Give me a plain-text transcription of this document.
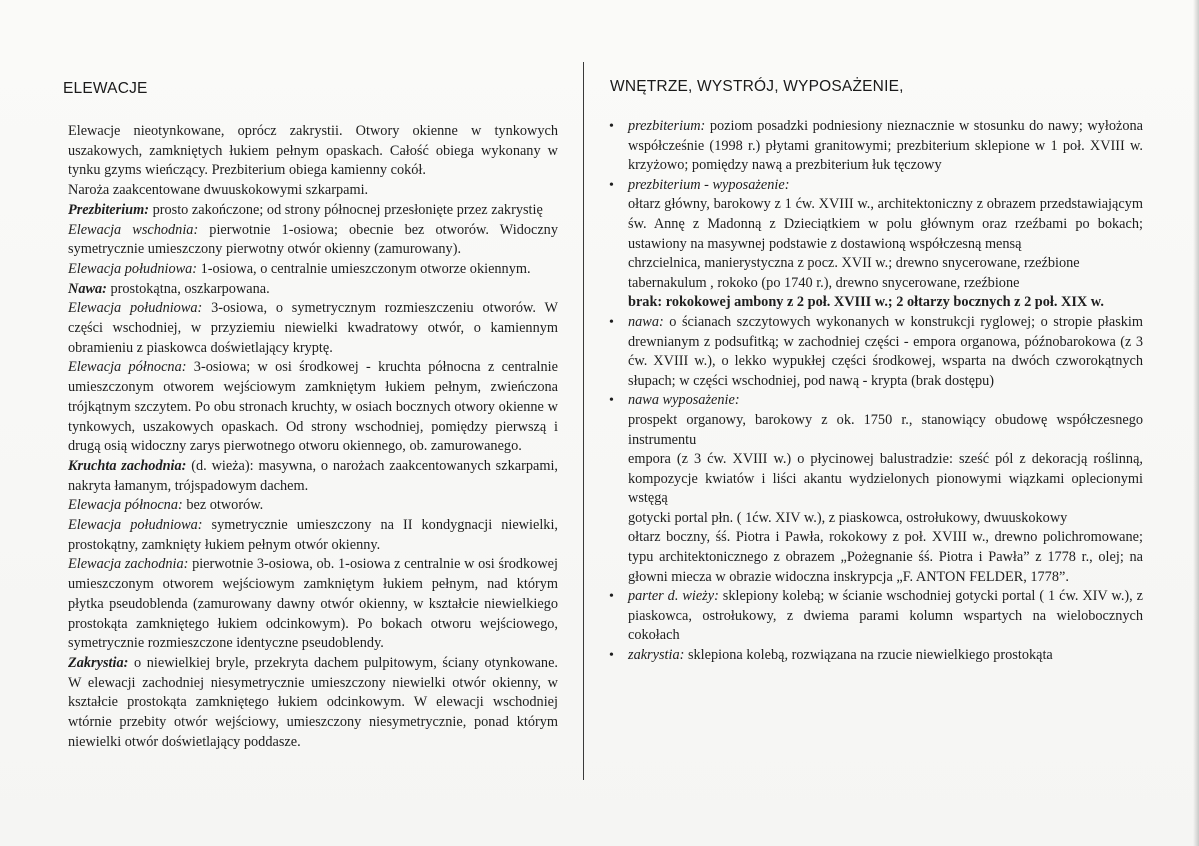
ELEWACJE	WNĘTRZE, WYSTRÓJ, WYPOSAŻENIE,

Elewacje nieotynkowane, oprócz zakrystii. Otwory okienne w tynkowych uszakowych, zamkniętych łukiem pełnym opaskach. Całość obiega wykonany w tynku gzyms wieńczący. Prezbiterium obiega kamienny cokół.

Naroża zaakcentowane dwuuskokowymi szkarpami.

Prezbiterium: prosto zakończone; od strony północnej przesłonięte przez zakrystię

Elewacja wschodnia: pierwotnie 1-osiowa; obecnie bez otworów. Widoczny symetrycznie umieszczony pierwotny otwór okienny (zamurowany).

Elewacja południowa: 1-osiowa, o centralnie umieszczonym otworze okiennym.

Nawa: prostokątna, oszkarpowana.

Elewacja południowa: 3-osiowa, o symetrycznym rozmieszczeniu otworów. W części wschodniej, w przyziemiu niewielki kwadratowy otwór, o kamiennym obramieniu z piaskowca doświetlający kryptę.

Elewacja północna: 3-osiowa; w osi środkowej - kruchta północna z centralnie umieszczonym otworem wejściowym zamkniętym łukiem pełnym, zwieńczona trójkątnym szczytem. Po obu stronach kruchty, w osiach bocznych otwory okienne w tynkowych, uszakowych opaskach. Od strony wschodniej, pomiędzy pierwszą i drugą osią widoczny zarys pierwotnego otworu okiennego, ob. zamurowanego.

Kruchta zachodnia: (d. wieża): masywna, o narożach zaakcentowanych szkarpami, nakryta łamanym, trójspadowym dachem.

Elewacja północna: bez otworów.

Elewacja południowa: symetrycznie umieszczony na II kondygnacji niewielki, prostokątny, zamknięty łukiem pełnym otwór okienny.

Elewacja zachodnia: pierwotnie 3-osiowa, ob. 1-osiowa z centralnie w osi środkowej umieszczonym otworem wejściowym zamkniętym łukiem pełnym, nad którym płytka pseudoblenda (zamurowany dawny otwór okienny, w kształcie niewielkiego prostokąta zamkniętego łukiem odcinkowym). Po bokach otworu wejściowego, symetrycznie rozmieszczone identyczne pseudoblendy.

Zakrystia: o niewielkiej bryle, przekryta dachem pulpitowym, ściany otynkowane. W elewacji zachodniej niesymetrycznie umieszczony niewielki otwór okienny, w kształcie prostokąta zamkniętego łukiem odcinkowym. W elewacji wschodniej wtórnie przebity otwór wejściowy, umieszczony niesymetrycznie, ponad którym niewielki otwór doświetlający poddasze.

• prezbiterium: poziom posadzki podniesiony nieznacznie w stosunku do nawy; wyłożona współcześnie (1998 r.) płytami granitowymi; prezbiterium sklepione w 1 poł. XVIII w. krzyżowo; pomiędzy nawą a prezbiterium łuk tęczowy
• prezbiterium - wyposażenie:
ołtarz główny, barokowy z 1 ćw. XVIII w., architektoniczny z obrazem przedstawiającym św. Annę z Madonną z Dzieciątkiem w polu głównym oraz rzeźbami po bokach; ustawiony na masywnej podstawie z dostawioną współczesną mensą
chrzcielnica, manierystyczna z pocz. XVII w.; drewno snycerowane, rzeźbione
tabernakulum , rokoko (po 1740 r.), drewno snycerowane, rzeźbione
brak: rokokowej ambony z 2 poł. XVIII w.; 2 ołtarzy bocznych z 2 poł. XIX w.
• nawa: o ścianach szczytowych wykonanych w konstrukcji ryglowej; o stropie płaskim drewnianym z podsufitką; w zachodniej części - empora organowa, późnobarokowa (z 3 ćw. XVIII w.), o lekko wypukłej części środkowej, wsparta na dwóch czworokątnych słupach; w części wschodniej, pod nawą - krypta (brak dostępu)
• nawa wyposażenie:
prospekt organowy, barokowy z ok. 1750 r., stanowiący obudowę współczesnego instrumentu
empora (z 3 ćw. XVIII w.) o płycinowej balustradzie: sześć pól z dekoracją roślinną, kompozycje kwiatów i liści akantu wydzielonych pionowymi wiązkami oplecionymi wstęgą
gotycki portal płn. ( 1ćw. XIV w.), z piaskowca, ostrołukowy, dwuuskokowy
ołtarz boczny, śś. Piotra i Pawła, rokokowy z poł. XVIII w., drewno polichromowane; typu architektonicznego z obrazem „Pożegnanie śś. Piotra i Pawła” z 1778 r., olej; na głowni miecza w obrazie widoczna inskrypcja „F. ANTON FELDER, 1778”.
• parter d. wieży: sklepiony kolebą; w ścianie wschodniej gotycki portal ( 1 ćw. XIV w.), z piaskowca, ostrołukowy, z dwiema parami kolumn wspartych na wielobocznych cokołach
• zakrystia: sklepiona kolebą, rozwiązana na rzucie niewielkiego prostokąta
